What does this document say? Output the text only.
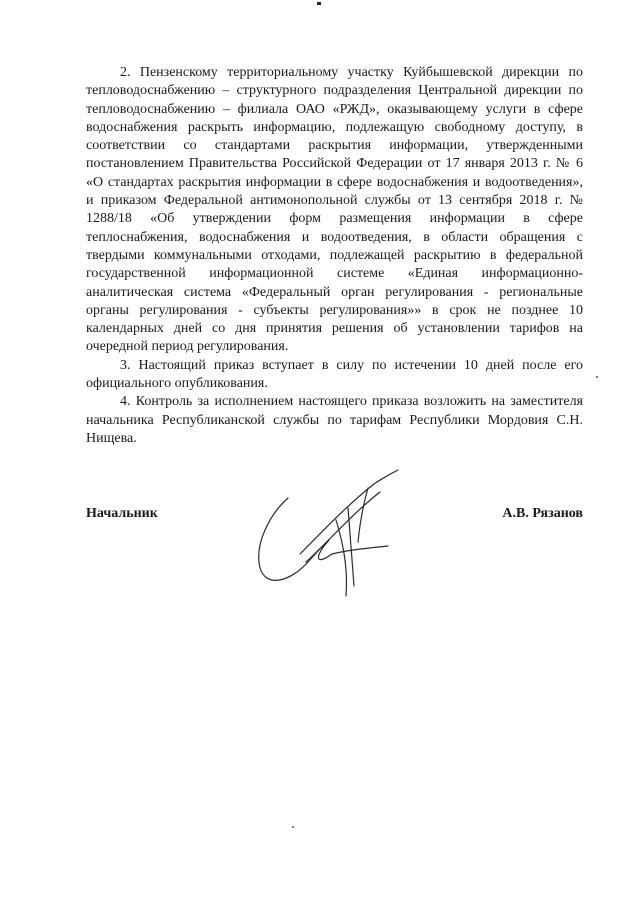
2. Пензенскому территориальному участку Куйбышевской дирекции по тепловодоснабжению – структурного подразделения Центральной дирекции по тепловодоснабжению – филиала ОАО «РЖД», оказывающему услуги в сфере водоснабжения раскрыть информацию, подлежащую свободному доступу, в соответствии со стандартами раскрытия информации, утвержденными постановлением Правительства Российской Федерации от 17 января 2013 г. № 6 «О стандартах раскрытия информации в сфере водоснабжения и водоотведения», и приказом Федеральной антимонопольной службы от 13 сентября 2018 г. № 1288/18 «Об утверждении форм размещения информации в сфере теплоснабжения, водоснабжения и водоотведения, в области обращения с твердыми коммунальными отходами, подлежащей раскрытию в федеральной государственной информационной системе «Единая информационно-аналитическая система «Федеральный орган регулирования - региональные органы регулирования - субъекты регулирования»» в срок не позднее 10 календарных дней со дня принятия решения об установлении тарифов на очередной период регулирования.

3. Настоящий приказ вступает в силу по истечении 10 дней после его официального опубликования.

4. Контроль за исполнением настоящего приказа возложить на заместителя начальника Республиканской службы по тарифам Республики Мордовия С.Н. Нищева.

Начальник	А.В. Рязанов
